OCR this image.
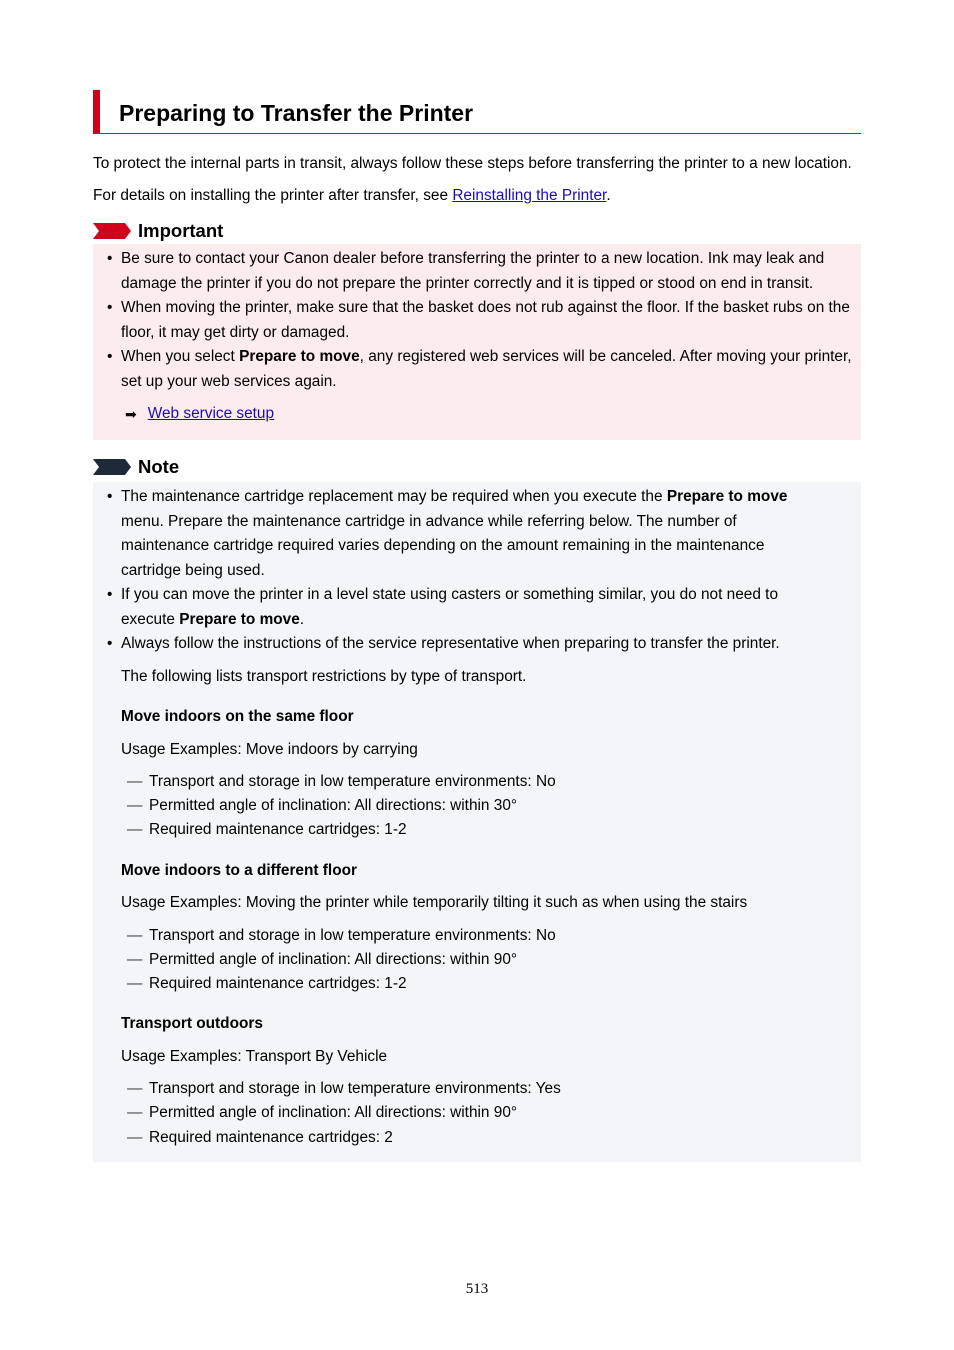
Preparing to Transfer the Printer

To protect the internal parts in transit, always follow these steps before transferring the printer to a new location.

For details on installing the printer after transfer, see Reinstalling the Printer.

Important
• Be sure to contact your Canon dealer before transferring the printer to a new location. Ink may leak and damage the printer if you do not prepare the printer correctly and it is tipped or stood on end in transit.
• When moving the printer, make sure that the basket does not rub against the floor. If the basket rubs on the floor, it may get dirty or damaged.
• When you select Prepare to move, any registered web services will be canceled. After moving your printer, set up your web services again.
➡ Web service setup
Note
• The maintenance cartridge replacement may be required when you execute the Prepare to move menu. Prepare the maintenance cartridge in advance while referring below. The number of maintenance cartridge required varies depending on the amount remaining in the maintenance cartridge being used.
• If you can move the printer in a level state using casters or something similar, you do not need to execute Prepare to move.
• Always follow the instructions of the service representative when preparing to transfer the printer.

The following lists transport restrictions by type of transport.

Move indoors on the same floor

Usage Examples: Move indoors by carrying

— Transport and storage in low temperature environments: No
— Permitted angle of inclination: All directions: within 30°
— Required maintenance cartridges: 1-2

Move indoors to a different floor

Usage Examples: Moving the printer while temporarily tilting it such as when using the stairs

— Transport and storage in low temperature environments: No
— Permitted angle of inclination: All directions: within 90°
— Required maintenance cartridges: 1-2

Transport outdoors

Usage Examples: Transport By Vehicle

— Transport and storage in low temperature environments: Yes
— Permitted angle of inclination: All directions: within 90°
— Required maintenance cartridges: 2
513
